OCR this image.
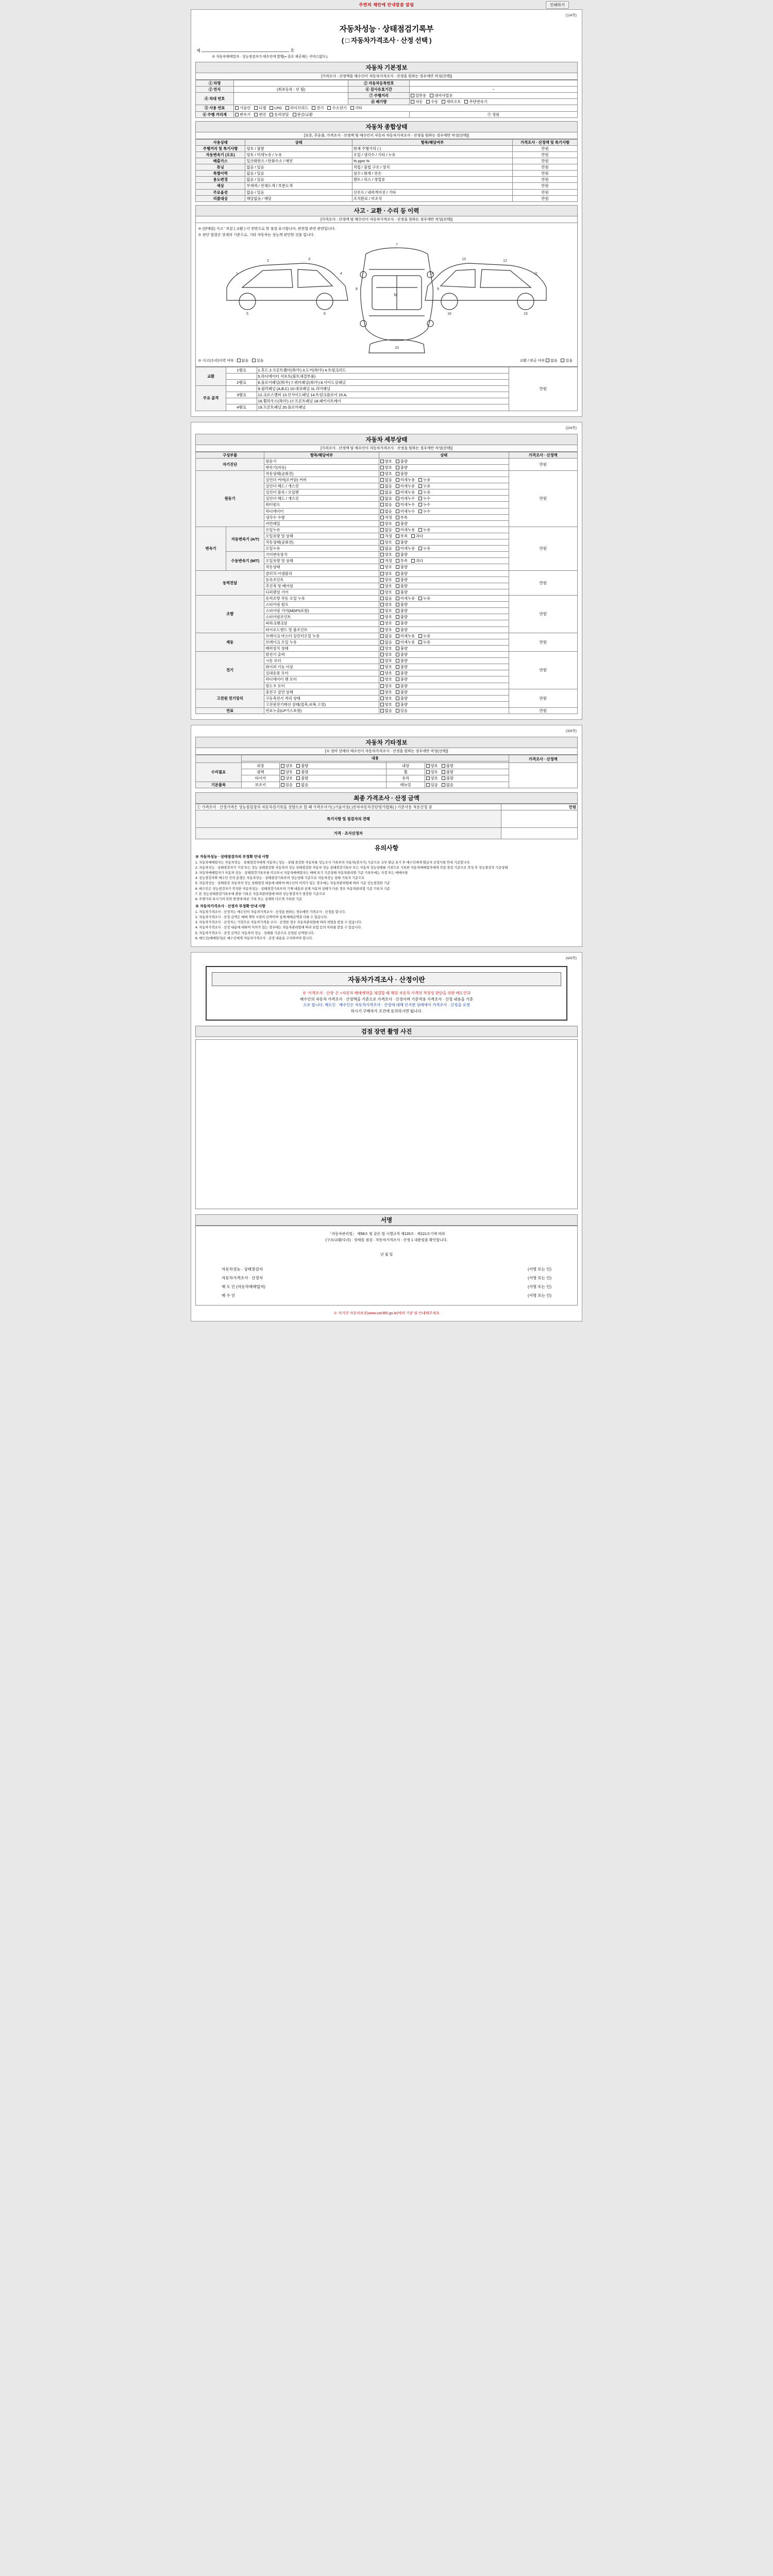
주면의 제안에 안내말씀 알림	인쇄하기
(1/4쪽)
자동차성능 · 상태점검기록부
( □ 자동차가격조사 · 산정 선택 )
제	호
※ 자동차매매업자 · 성능점검자가 매수인에 발행(= 중요 제공해는 서비스없다.)
자동차 기본정보
[가격조사 · 산정액을 매수인이 자동차가격조사 · 산정을 원하는 경우에만 작성(선택)]
① 차명		② 자동차등록번호	
② 연식	(최초등록 : 년 월)	⑥ 검사유효기간	~
④ 차대 번호		⑦ 주행거리	일반용 대여사업용
		⑧ 배기량	자동 수동 세미오토 무단변속기
⑤ 사용 연료	가솔린 디젤 LPG 하이브리드 전기 수소전기 기타		
⑥ 주행 거리계	변속기 엔진 동력전달 판금/교환		⑨ 정원
자동차 종합상태
[보증, 주유출, 가격조사 · 산정액 및 매수인이 자동차 자동차가격조사 · 산정을 원하는 경우에만 작성(선택)]
사용상태	상태	항목/해당여부	가격조사 · 산정액 및 특기사항
주행거리 및 특기사항	양호 / 불량	현재 주행거리 ( )	만원
자동변속기 (오토)	양호 / 미세누유 / 누유	오일 / 냉각수 / 기타 / 누유	만원
배출가스	일산화탄소 / 탄화수소 / 매연	% ppm %	만원
튜닝	없음 / 있음	적법 / 불법 구조 / 장치	만원
특별이력	없음 / 있음	침수 / 화재 / 전손	만원
용도변경	없음 / 있음	렌트 / 리스 / 영업용	만원
색상	무채색 / 전체도색 / 부분도색		만원
주요옵션	없음 / 있음	선루프 / 내비게이션 / 기타	만원
리콜대상	해당없음 / 해당	조치완료 / 미조치	만원
사고 · 교환 · 수리 등 이력
[가격조사 · 산정액 및 매수인이 자동차가격조사 · 산정을 원하는 경우에만 작성(선택)]
※ (판매를) 사고 ' 부분 ( 교환 ) 이 전면으로 한 점검 표시합니다. 관련법 관련 관련입니다.
※ 판단 법령은 상세의 기준으로, 기타 자동차는 성능책 판단한 것을 입니다.
M
1
2	3
4
5	6
7
8	9
10
11
12
13
14
15
16
※ 사고(수리)이력 여부 : 없음 있음	교환 / 판금 여부 없음 있음
교환	1랭크	1.후드 2.프론트휀더(좌/우) 3.도어(좌/우) 4.트렁크리드	만원
		5.라디에이터 서포트(볼트체결부품)	
	2랭크	6.플로어패널(좌/우) 7.쿼터패널(좌/우) 8.사이드실패널	
주요 골격		9.필러패널 (A,B,C) 10.대쉬패널 11.리어패널	
	3랭크	12.크로스멤버 13.인사이드패널 14.트렁크플로어 15.A,	
		16.휠하우스(좌/우) 17.프론트패널 18.패키지트레이	
	4랭크	19.프론트패널 20.플로어패널	
(2/4쪽)
자동차 세부상태
[가격조사 · 산정액 및 매수인이 자동차가격조사 · 산정을 원하는 경우에만 작성(선택)]
구성부품		항목/해당여부	상태	가격조사 · 산정액
자기진단		원동기	양호 불량	만원
		변속기(자동)	양호 불량	
원동기		작동상태(공회전)	양호 불량	만원
		실린더 커버(로커암) 커버	없음 미세누유 누유	
		실린더 헤드 / 개스킷	없음 미세누유 누유	
		실린더 블록 / 오일팬	없음 미세누유 누유	
		실린더 헤드 / 개스킷	없음 미세누수 누수	
		워터펌프	없음 미세누수 누수	
		라디에이터	없음 미세누수 누수	
		냉각수 수량	적정 부족	
		커먼레일	양호 불량	
변속기	자동변속기 (A/T)	오일누유	없음 미세누유 누유	만원
		오일유량 및 상태	적정 부족 과다	
		작동상태(공회전)	양호 불량	
		오일누유	없음 미세누유 누유	
	수동변속기 (M/T)	기어변속장치	양호 불량	
		오일유량 및 상태	적정 부족 과다	
		작동상태	양호 불량	
동력전달		클러치 어셈블리	양호 불량	만원
		등속조인트	양호 불량	
		추진축 및 베어링	양호 불량	
		디퍼렌셜 기어	양호 불량	
조향		동력조향 작동 오일 누유	없음 미세누유 누유	만원
		스티어링 펌프	양호 불량	
		스티어링 기어(MDPS포함)	양호 불량	
		스티어링조인트	양호 불량	
		파워크랭크암	양호 불량	
		타이로드엔드 및 볼조인트	양호 불량	
제동		브레이크 마스터 실린더오일 누유	없음 미세누유 누유	만원
		브레이크 오일 누유	없음 미세누유 누유	
		배력장치 상태	양호 불량	
전기		발전기 출력	양호 불량	만원
		시동 모터	양호 불량	
		와이퍼 기능 이상	양호 불량	
		실내송풍 모터	양호 불량	
		라디에이터 팬 모터	양호 불량	
		윈도우 모터	양호 불량	
고전원 전기장치		충전구 절연 상태	양호 불량	만원
		구동축전지 격리 상태	양호 불량	
		고전원전기배선 상태(접촉,피복,고정)	양호 불량	
연료		연료누출(LP가스포함)	없음 있음	만원
(3/4쪽)
자동차 기타정보
[※ 정비 상태의 매수인이 자동차가격조사 · 산정을 원하는 경우에만 작성(선택)]
	내용				가격조사 · 산정액

수리필요	외장	양호 불량	내장	양호 불량	
	광택	양호 불량	휠	양호 불량	
	타이어	양호 불량	유리	양호 불량	
기본품목	보조키	있음 없음	매뉴얼	있음 없음	
최종 가격조사 · 산정 금액
① 가격조사 · 산정가격은 성능점검장의 자동차검기록을 성향으로 할 때 가격조사기( )기술사용( )전자자동차진단평가협회( ) 기준사용 적용산정 중	만원
특기사항 및 점검자의 견해	
가격 · 조사산정자	
유의사항

※ 자동차성능 · 상태점검자의 부정확 안내 사항

1. 자동차매매업자는 자동차성능 · 상태점검자에게 자동차 ( 성능 · 상태 점검한 자동차를 성능조사 기록부의 자동차(검사기) 기준으로 교부 발급 표기 후 매수인에게 발급자 산정사항 안내 기준합니다.

2. 자동차성능 · 상태점검자가 거짓 또는 성능 상태점검한 자동차의 성능 상태점검한 자동차 성능 상태점검기록부 또는 자동차 성능상태를 거짓으로 기록한 자동차매매업자에게 직접 점검 기준으로 작성 후 성능점검자 기준상태

3. 자동차매매업자가 자동차 성능 · 상태점검기록부를 미교부시 자동차매매업자는 매매 표기 기준상태 자동차관리법 기준 기록부에는 지정 또는 매매사항

4. 성능점검자와 매수인 간의 분쟁은 자동차성능 · 상태점검기록부의 성능상태 기준으로 자동차성능 상태 기록자 기준으로

5. 자동차성능 · 상태점검 자동차의 성능 상태점검 내용에 대하여 매수인이 이의가 있는 경우에는 자동차관리법에 따라 기준 성능점검한 기준

6. 매수인은 성능점검자가 작성한 자동차성능 · 상태점검기록부의 기재 내용과 실제 자동차 상태가 다른 경우 자동차관리법 기준 기록자 기준

7. 본 성능상태점검기록부에 관한 기록은 자동차관리법에 따라 성능점검자가 점검한 기준으로

8. 주행거리 표시기의 단위 변경에 따른 기록 또는 실제와 다르게 기록한 기준

※ 자동차가격조사 · 산정자 부정확 안내 사항

1. 자동차가격조사 · 산정자는 매수인이 자동차가격조사 · 산정을 원하는 경우에만 가격조사 · 산정을 합니다.

2. 자동차가격조사 · 산정 금액은 매매 계약 시점의 금액이며 실제 매매금액과 다를 수 있습니다.

3. 자동차가격조사 · 산정자는 거짓으로 자동차가격을 조사 · 산정한 경우 자동차관리법에 따라 처벌을 받을 수 있습니다.

4. 자동차가격조사 · 산정 내용에 대하여 이의가 있는 경우에는 자동차관리법에 따라 보험 등의 처리를 받을 수 있습니다.

5. 자동차가격조사 · 산정 금액은 자동차의 성능 · 상태를 기준으로 산정된 금액입니다.

6. 매도인(매매업자)은 매수인에게 자동차가격조사 · 산정 내용을 고지하여야 합니다.

(4/4쪽)
자동차가격조사 · 산정이란
※ '가격조사 · 산정' 은 <자동차 매매계약을 체결할 때 해당 자동차 가격의 적정성 판단을 위한 매도인과
매수인의 자동차 가격조사 · 산정액을 기준으로 가격조사 · 산정이며 기준적용 가격조사 · 산정 내용을 기준
으로 합니다. 매도인 · 매수인은 자동차가격조사 · 산정에 대해 인지한 상태에서 가격조사 · 산정을 요청
하시기 구매자가 조건에 동의하시면 됩니다.
검점 장면 촬영 사진
서명
「자동차관리법」 제58조 및 같은 법 시행규칙 제120조 · 제121조기에 따라
(구조/교환/수리) · 상태를 점검 · 자동차가격조사 · 산정 1 내용임을 확인합니다.
년 월 일
자동차성능 · 상태점검자	(서명 또는 인)
자동차가격조사 · 산정자	(서명 또는 인)
매 도 인 (자동차매매업자)	(서명 또는 인)
매 수 인	(서명 또는 인)
※ 차기간 자동차보증(www.car365.go.kr)에서 기준 및 안내해주세요
